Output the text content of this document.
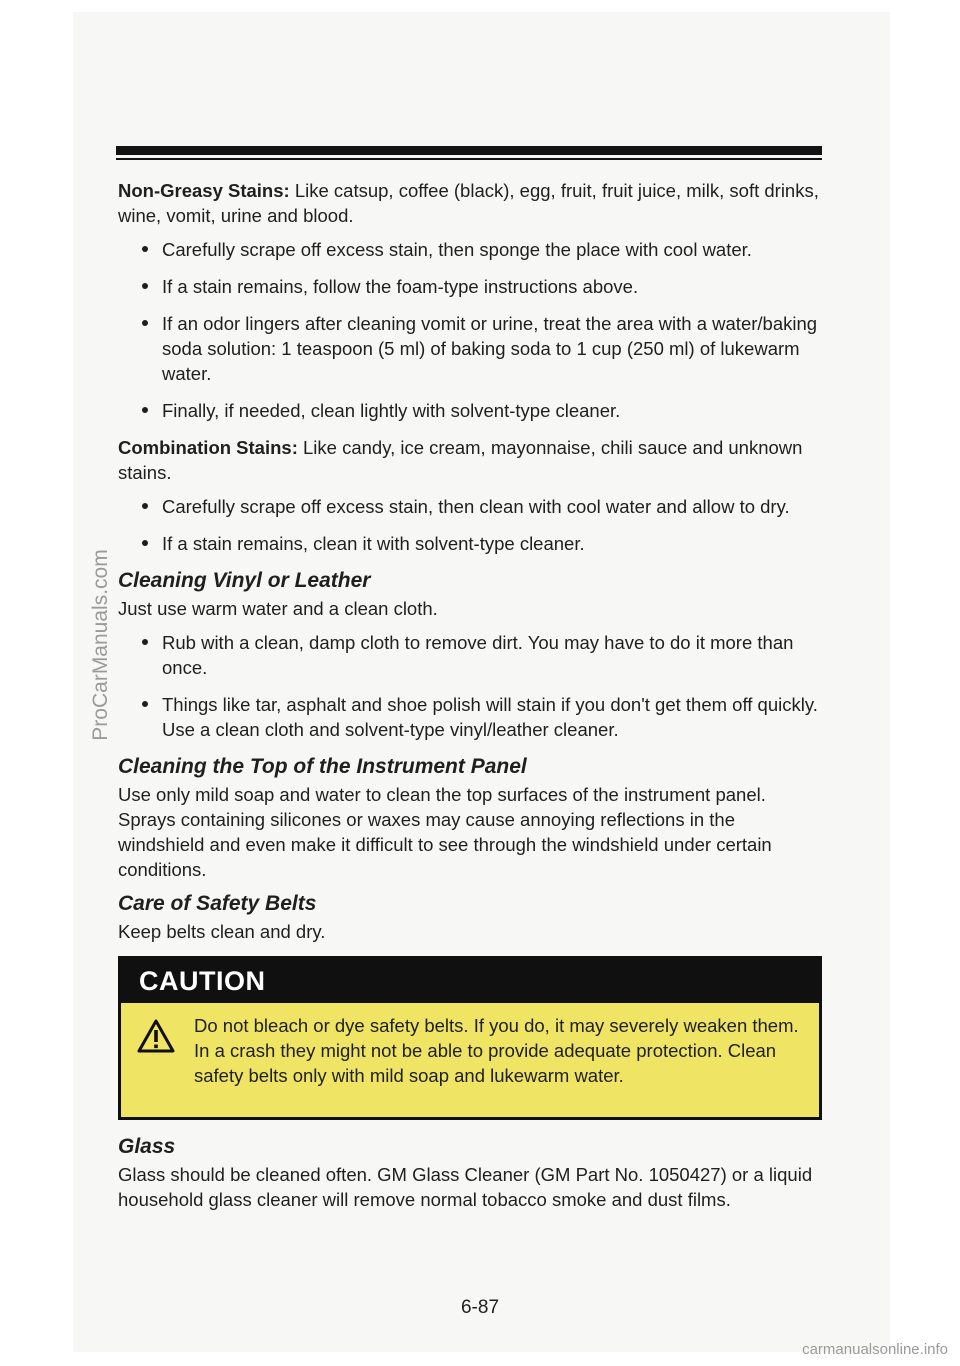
Non-Greasy Stains: Like catsup, coffee (black), egg, fruit, fruit juice, milk, soft drinks, wine, vomit, urine and blood.

Carefully scrape off excess stain, then sponge the place with cool water.
If a stain remains, follow the foam-type instructions above.
If an odor lingers after cleaning vomit or urine, treat the area with a water/baking soda solution: 1 teaspoon (5 ml) of baking soda to 1 cup (250 ml) of lukewarm water.
Finally, if needed, clean lightly with solvent-type cleaner.

Combination Stains: Like candy, ice cream, mayonnaise, chili sauce and unknown stains.

Carefully scrape off excess stain, then clean with cool water and allow to dry.
If a stain remains, clean it with solvent-type cleaner.
Cleaning Vinyl or Leather

Just use warm water and a clean cloth.

Rub with a clean, damp cloth to remove dirt. You may have to do it more than once.
Things like tar, asphalt and shoe polish will stain if you don't get them off quickly. Use a clean cloth and solvent-type vinyl/leather cleaner.
Cleaning the Top of the Instrument Panel

Use only mild soap and water to clean the top surfaces of the instrument panel. Sprays containing silicones or waxes may cause annoying reflections in the windshield and even make it difficult to see through the windshield under certain conditions.

Care of Safety Belts

Keep belts clean and dry.

CAUTION

Do not bleach or dye safety belts. If you do, it may severely weaken them. In a crash they might not be able to provide adequate protection. Clean safety belts only with mild soap and lukewarm water.

Glass

Glass should be cleaned often. GM Glass Cleaner (GM Part No. 1050427) or a liquid household glass cleaner will remove normal tobacco smoke and dust films.

6-87
ProCarManuals.com
carmanualsonline.info
